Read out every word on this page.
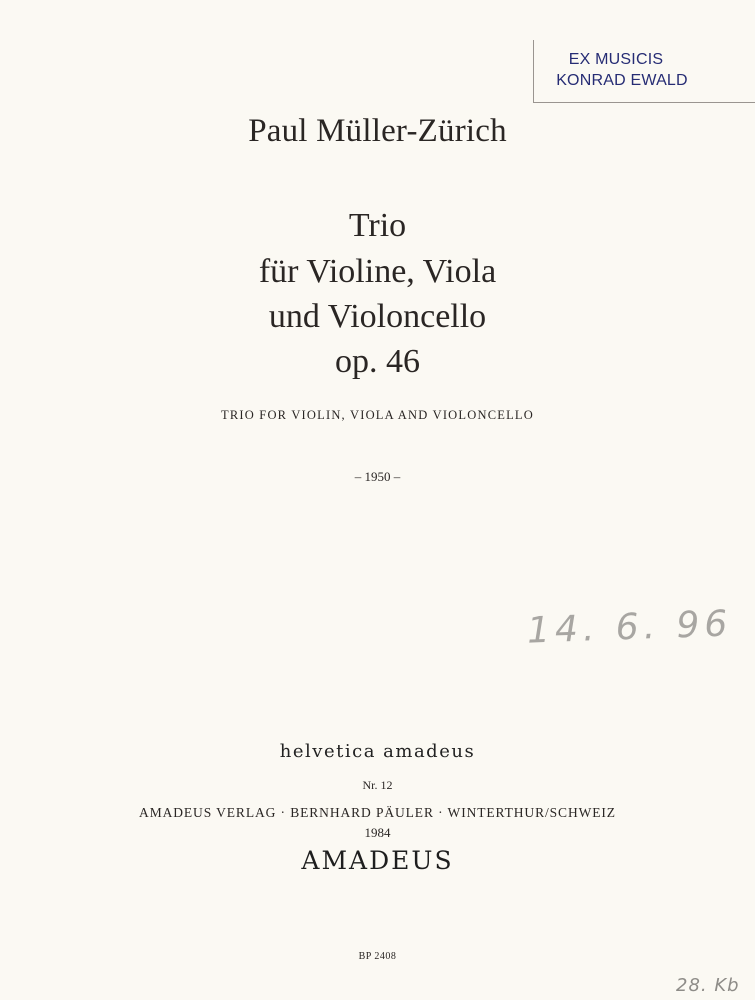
EX MUSICIS
KONRAD EWALD
Paul Müller-Zürich
Trio
für Violine, Viola
und Violoncello
op. 46
TRIO FOR VIOLIN, VIOLA AND VIOLONCELLO
– 1950 –
14. 6. 96
helvetica amadeus
Nr. 12
AMADEUS VERLAG · BERNHARD PÄULER · WINTERTHUR/SCHWEIZ
1984
AMADEUS
BP 2408
28. Kb
